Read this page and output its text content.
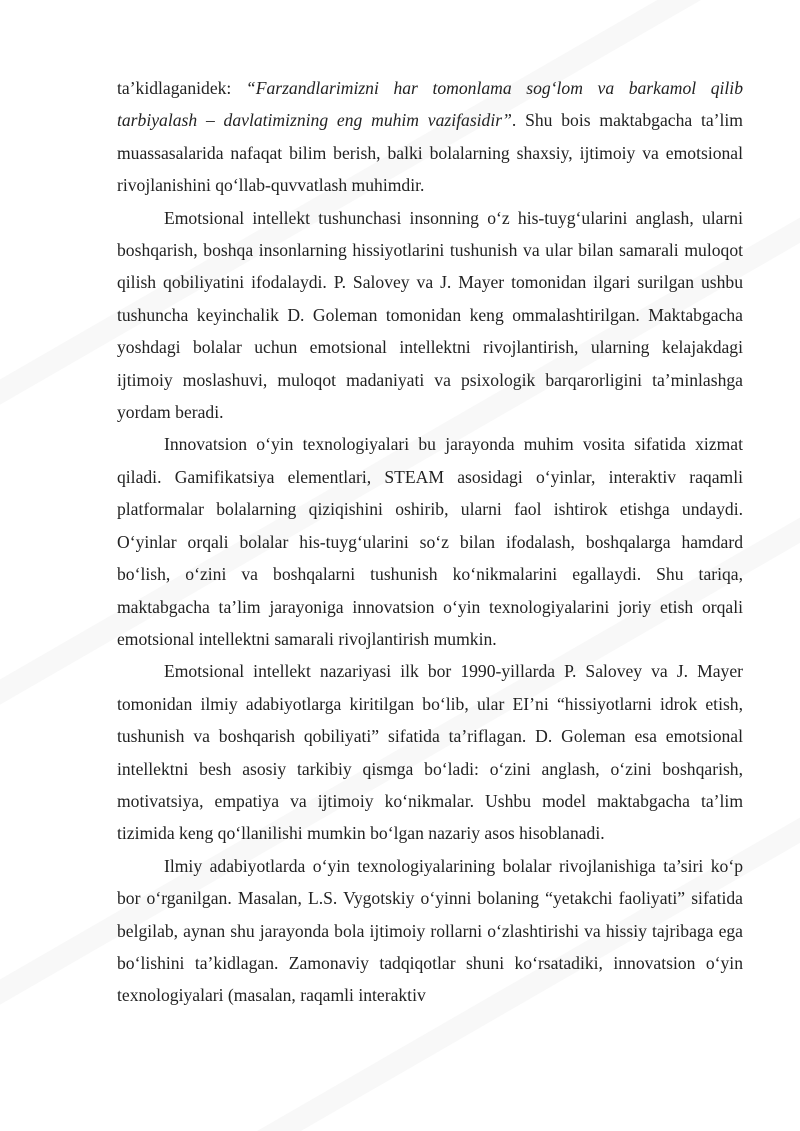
ta’kidlaganidek: “Farzandlarimizni har tomonlama sog‘lom va barkamol qilib tarbiyalash – davlatimizning eng muhim vazifasidir”. Shu bois maktabgacha ta’lim muassasalarida nafaqat bilim berish, balki bolalarning shaxsiy, ijtimoiy va emotsional rivojlanishini qo‘llab-quvvatlash muhimdir.

Emotsional intellekt tushunchasi insonning o‘z his-tuyg‘ularini anglash, ularni boshqarish, boshqa insonlarning hissiyotlarini tushunish va ular bilan samarali muloqot qilish qobiliyatini ifodalaydi. P. Salovey va J. Mayer tomonidan ilgari surilgan ushbu tushuncha keyinchalik D. Goleman tomonidan keng ommalashtirilgan. Maktabgacha yoshdagi bolalar uchun emotsional intellektni rivojlantirish, ularning kelajakdagi ijtimoiy moslashuvi, muloqot madaniyati va psixologik barqarorligini ta’minlashga yordam beradi.

Innovatsion o‘yin texnologiyalari bu jarayonda muhim vosita sifatida xizmat qiladi. Gamifikatsiya elementlari, STEAM asosidagi o‘yinlar, interaktiv raqamli platformalar bolalarning qiziqishini oshirib, ularni faol ishtirok etishga undaydi. O‘yinlar orqali bolalar his-tuyg‘ularini so‘z bilan ifodalash, boshqalarga hamdard bo‘lish, o‘zini va boshqalarni tushunish ko‘nikmalarini egallaydi. Shu tariqa, maktabgacha ta’lim jarayoniga innovatsion o‘yin texnologiyalarini joriy etish orqali emotsional intellektni samarali rivojlantirish mumkin.

Emotsional intellekt nazariyasi ilk bor 1990-yillarda P. Salovey va J. Mayer tomonidan ilmiy adabiyotlarga kiritilgan bo‘lib, ular EI’ni “hissiyotlarni idrok etish, tushunish va boshqarish qobiliyati” sifatida ta’riflagan. D. Goleman esa emotsional intellektni besh asosiy tarkibiy qismga bo‘ladi: o‘zini anglash, o‘zini boshqarish, motivatsiya, empatiya va ijtimoiy ko‘nikmalar. Ushbu model maktabgacha ta’lim tizimida keng qo‘llanilishi mumkin bo‘lgan nazariy asos hisoblanadi.

Ilmiy adabiyotlarda o‘yin texnologiyalarining bolalar rivojlanishiga ta’siri ko‘p bor o‘rganilgan. Masalan, L.S. Vygotskiy o‘yinni bolaning “yetakchi faoliyati” sifatida belgilab, aynan shu jarayonda bola ijtimoiy rollarni o‘zlashtirishi va hissiy tajribaga ega bo‘lishini ta’kidlagan. Zamonaviy tadqiqotlar shuni ko‘rsatadiki, innovatsion o‘yin texnologiyalari (masalan, raqamli interaktiv
